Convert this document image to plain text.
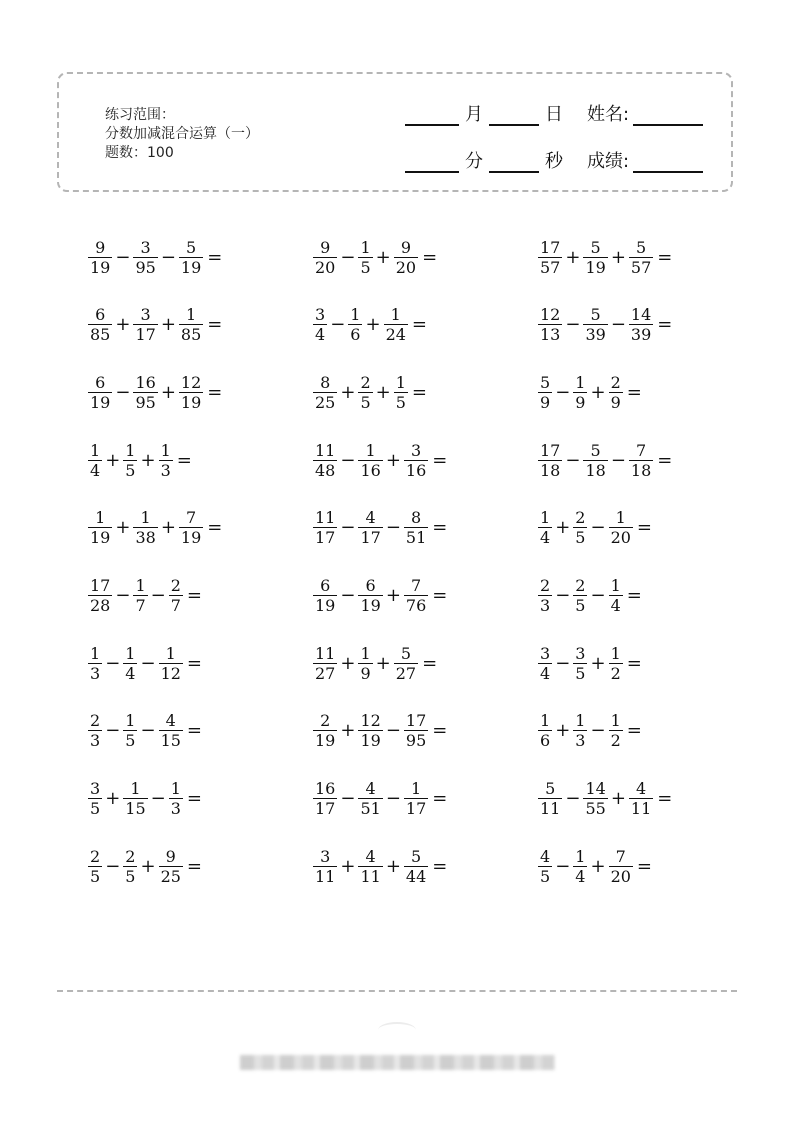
练习范围：
分数加减混合运算（一）
题数：100
月	日	姓名:
分	秒	成绩:
$\frac{9}{19} - \frac{3}{95} - \frac{5}{19}$ =	$\frac{9}{20} - \frac{1}{5} + \frac{9}{20}$ =	$\frac{17}{57} + \frac{5}{19} + \frac{5}{57}$ =
$\frac{6}{85} + \frac{3}{17} + \frac{1}{85}$ =	$\frac{3}{4} - \frac{1}{6} + \frac{1}{24}$ =	$\frac{12}{13} - \frac{5}{39} - \frac{14}{39}$ =
$\frac{6}{19} - \frac{16}{95} + \frac{12}{19}$ =	$\frac{8}{25} + \frac{2}{5} + \frac{1}{5}$ =	$\frac{5}{9} - \frac{1}{9} + \frac{2}{9}$ =
$\frac{1}{4} + \frac{1}{5} + \frac{1}{3}$ =	$\frac{11}{48} - \frac{1}{16} + \frac{3}{16}$ =	$\frac{17}{18} - \frac{5}{18} - \frac{7}{18}$ =
$\frac{1}{19} + \frac{1}{38} + \frac{7}{19}$ =	$\frac{11}{17} - \frac{4}{17} - \frac{8}{51}$ =	$\frac{1}{4} + \frac{2}{5} - \frac{1}{20}$ =
$\frac{17}{28} - \frac{1}{7} - \frac{2}{7}$ =	$\frac{6}{19} - \frac{6}{19} + \frac{7}{76}$ =	$\frac{2}{3} - \frac{2}{5} - \frac{1}{4}$ =
$\frac{1}{3} - \frac{1}{4} - \frac{1}{12}$ =	$\frac{11}{27} + \frac{1}{9} + \frac{5}{27}$ =	$\frac{3}{4} - \frac{3}{5} + \frac{1}{2}$ =
$\frac{2}{3} - \frac{1}{5} - \frac{4}{15}$ =	$\frac{2}{19} + \frac{12}{19} - \frac{17}{95}$ =	$\frac{1}{6} + \frac{1}{3} - \frac{1}{2}$ =
$\frac{3}{5} + \frac{1}{15} - \frac{1}{3}$ =	$\frac{16}{17} - \frac{4}{51} - \frac{1}{17}$ =	$\frac{5}{11} - \frac{14}{55} + \frac{4}{11}$ =
$\frac{2}{5} - \frac{2}{5} + \frac{9}{25}$ =	$\frac{3}{11} + \frac{4}{11} + \frac{5}{44}$ =	$\frac{4}{5} - \frac{1}{4} + \frac{7}{20}$ =
